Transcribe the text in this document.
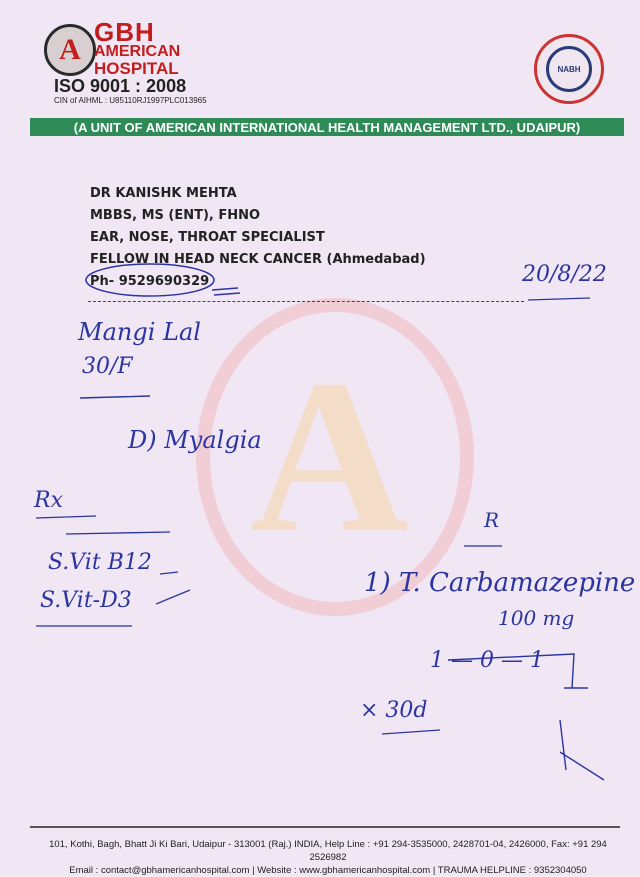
A
A
GBH
AMERICAN
HOSPITAL
ISO 9001 : 2008
CIN of AIHML : U85110RJ1997PLC013965
NABH
(A UNIT OF AMERICAN INTERNATIONAL HEALTH MANAGEMENT LTD., UDAIPUR)
DR KANISHK MEHTA
MBBS, MS (ENT), FHNO
EAR, NOSE, THROAT SPECIALIST
FELLOW IN HEAD NECK CANCER (Ahmedabad)
Ph- 9529690329	20/8/22
Mangi Lal
30/F
D) Myalgia
Rx
S.Vit B12
S.Vit-D3
R
1) T. Carbamazepine
100 mg
1 — 0 — 1
× 30d
101, Kothi, Bagh, Bhatt Ji Ki Bari, Udaipur - 313001 (Raj.) INDIA, Help Line : +91 294-3535000, 2428701-04, 2426000, Fax: +91 294 2526982
Email : contact@gbhamericanhospital.com | Website : www.gbhamericanhospital.com | TRAUMA HELPLINE : 9352304050
